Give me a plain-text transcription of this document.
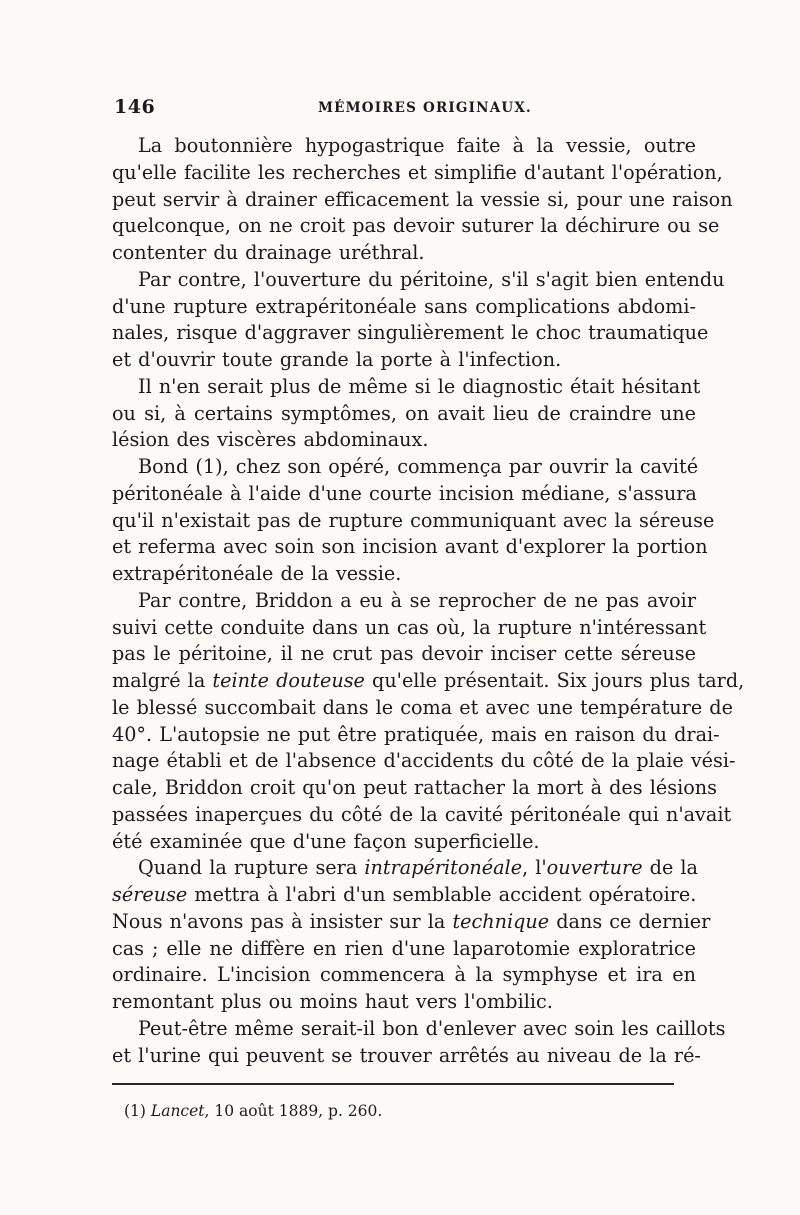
146	MÉMOIRES ORIGINAUX.
La boutonnière hypogastrique faite à la vessie, outre
qu'elle facilite les recherches et simplifie d'autant l'opération,
peut servir à drainer efficacement la vessie si, pour une raison
quelconque, on ne croit pas devoir suturer la déchirure ou se
contenter du drainage uréthral.
Par contre, l'ouverture du péritoine, s'il s'agit bien entendu
d'une rupture extrapéritonéale sans complications abdomi-
nales, risque d'aggraver singulièrement le choc traumatique
et d'ouvrir toute grande la porte à l'infection.
Il n'en serait plus de même si le diagnostic était hésitant
ou si, à certains symptômes, on avait lieu de craindre une
lésion des viscères abdominaux.
Bond (1), chez son opéré, commença par ouvrir la cavité
péritonéale à l'aide d'une courte incision médiane, s'assura
qu'il n'existait pas de rupture communiquant avec la séreuse
et referma avec soin son incision avant d'explorer la portion
extrapéritonéale de la vessie.
Par contre, Briddon a eu à se reprocher de ne pas avoir
suivi cette conduite dans un cas où, la rupture n'intéressant
pas le péritoine, il ne crut pas devoir inciser cette séreuse
malgré la teinte douteuse qu'elle présentait. Six jours plus tard,
le blessé succombait dans le coma et avec une température de
40°. L'autopsie ne put être pratiquée, mais en raison du drai-
nage établi et de l'absence d'accidents du côté de la plaie vési-
cale, Briddon croit qu'on peut rattacher la mort à des lésions
passées inaperçues du côté de la cavité péritonéale qui n'avait
été examinée que d'une façon superficielle.
Quand la rupture sera intrapéritonéale, l'ouverture de la
séreuse mettra à l'abri d'un semblable accident opératoire.
Nous n'avons pas à insister sur la technique dans ce dernier
cas ; elle ne diffère en rien d'une laparotomie exploratrice
ordinaire. L'incision commencera à la symphyse et ira en
remontant plus ou moins haut vers l'ombilic.
Peut-être même serait-il bon d'enlever avec soin les caillots
et l'urine qui peuvent se trouver arrêtés au niveau de la ré-
(1) Lancet, 10 août 1889, p. 260.
